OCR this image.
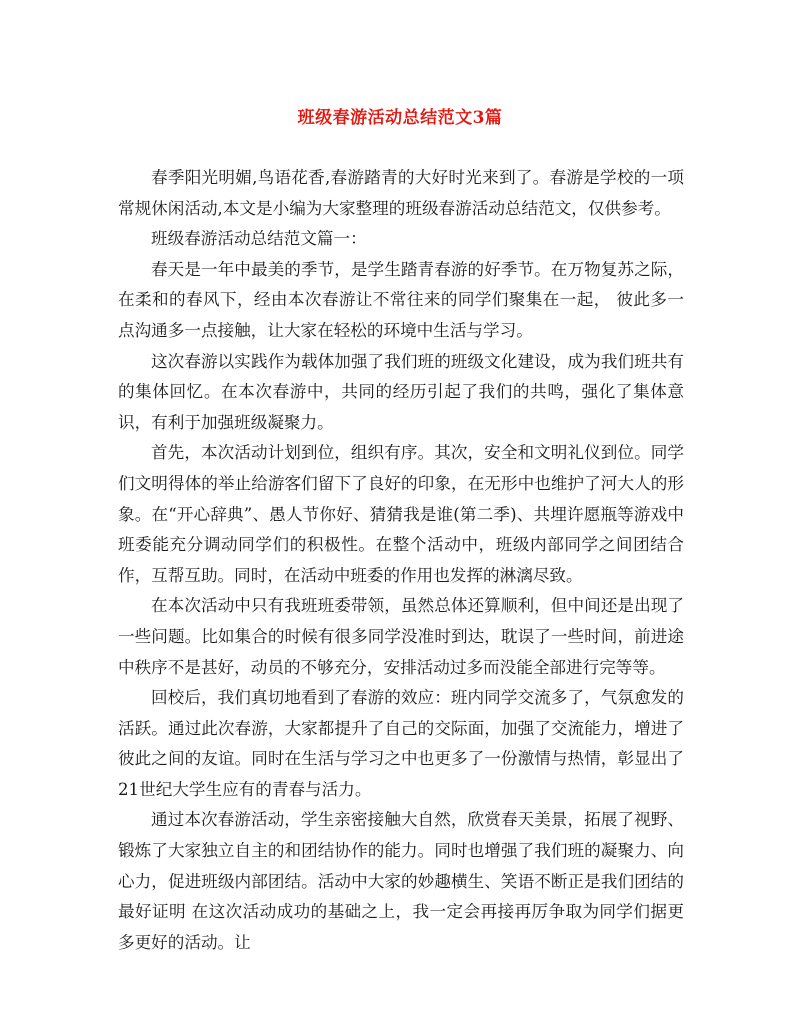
班级春游活动总结范文3篇

春季阳光明媚,鸟语花香,春游踏青的大好时光来到了。春游是学校的一项常规休闲活动,本文是小编为大家整理的班级春游活动总结范文，仅供参考。

班级春游活动总结范文篇一：

春天是一年中最美的季节，是学生踏青春游的好季节。在万物复苏之际，在柔和的春风下，经由本次春游让不常往来的同学们聚集在一起， 彼此多一点沟通多一点接触，让大家在轻松的环境中生活与学习。

这次春游以实践作为载体加强了我们班的班级文化建设，成为我们班共有的集体回忆。在本次春游中，共同的经历引起了我们的共鸣，强化了集体意识，有利于加强班级凝聚力。

首先，本次活动计划到位，组织有序。其次，安全和文明礼仪到位。同学们文明得体的举止给游客们留下了良好的印象，在无形中也维护了河大人的形象。在“开心辞典”、愚人节你好、猜猜我是谁(第二季)、共埋许愿瓶等游戏中班委能充分调动同学们的积极性。在整个活动中，班级内部同学之间团结合作，互帮互助。同时，在活动中班委的作用也发挥的淋漓尽致。

在本次活动中只有我班班委带领，虽然总体还算顺利，但中间还是出现了一些问题。比如集合的时候有很多同学没准时到达，耽误了一些时间，前进途中秩序不是甚好，动员的不够充分，安排活动过多而没能全部进行完等等。

回校后，我们真切地看到了春游的效应：班内同学交流多了，气氛愈发的活跃。通过此次春游，大家都提升了自己的交际面，加强了交流能力，增进了彼此之间的友谊。同时在生活与学习之中也更多了一份激情与热情，彰显出了21世纪大学生应有的青春与活力。

通过本次春游活动，学生亲密接触大自然，欣赏春天美景，拓展了视野、锻炼了大家独立自主的和团结协作的能力。同时也增强了我们班的凝聚力、向心力，促进班级内部团结。活动中大家的妙趣横生、笑语不断正是我们团结的最好证明 在这次活动成功的基础之上，我一定会再接再厉争取为同学们据更多更好的活动。让
